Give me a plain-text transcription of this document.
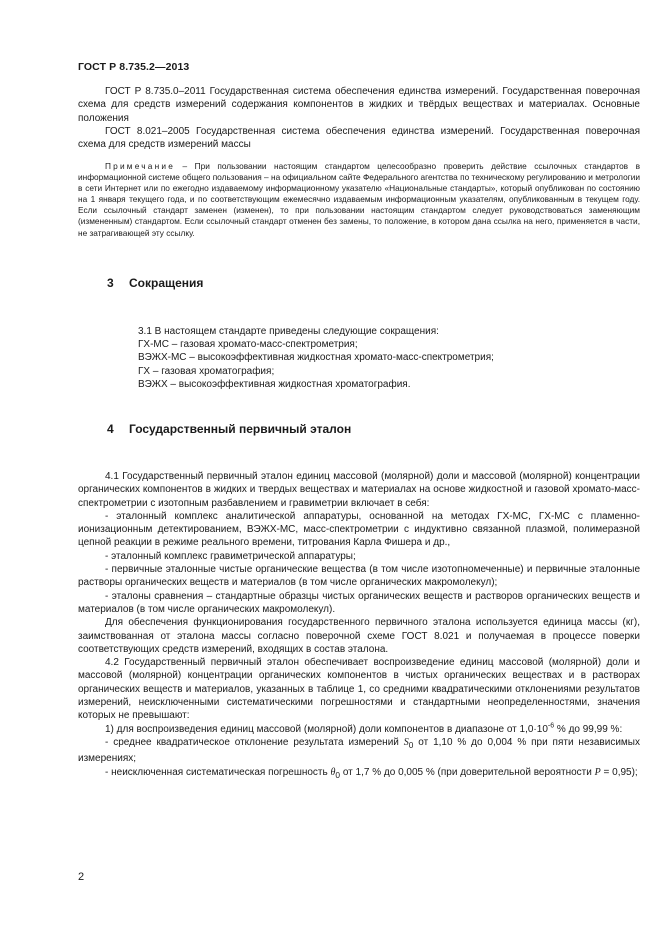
ГОСТ Р 8.735.2—2013

ГОСТ Р 8.735.0–2011 Государственная система обеспечения единства измерений. Государственная поверочная схема для средств измерений содержания компонентов в жидких и твёрдых веществах и материалах. Основные положения

ГОСТ 8.021–2005 Государственная система обеспечения единства измерений. Государственная поверочная схема для средств измерений массы

Примечание – При пользовании настоящим стандартом целесообразно проверить действие ссылочных стандартов в информационной системе общего пользования – на официальном сайте Федерального агентства по техническому регулированию и метрологии в сети Интернет или по ежегодно издаваемому информационному указателю «Национальные стандарты», который опубликован по состоянию на 1 января текущего года, и по соответствующим ежемесячно издаваемым информационным указателям, опубликованным в текущем году. Если ссылочный стандарт заменен (изменен), то при пользовании настоящим стандартом следует руководствоваться заменяющим (измененным) стандартом. Если ссылочный стандарт отменен без замены, то положение, в котором дана ссылка на него, применяется в части, не затрагивающей эту ссылку.

3 Сокращения

3.1 В настоящем стандарте приведены следующие сокращения:

ГХ-МС – газовая хромато-масс-спектрометрия;

ВЭЖХ-МС – высокоэффективная жидкостная хромато-масс-спектрометрия;

ГХ – газовая хроматография;

ВЭЖХ – высокоэффективная жидкостная хроматография.

4 Государственный первичный эталон

4.1 Государственный первичный эталон единиц массовой (молярной) доли и массовой (молярной) концентрации органических компонентов в жидких и твердых веществах и материалах на основе жидкостной и газовой хромато-масс-спектрометрии с изотопным разбавлением и гравиметрии включает в себя:

- эталонный комплекс аналитической аппаратуры, основанной на методах ГХ-МС, ГХ-МС с пламенно-ионизационным детектированием, ВЭЖХ-МС, масс-спектрометрии с индуктивно связанной плазмой, полимеразной цепной реакции в режиме реального времени, титрования Карла Фишера и др.,

- эталонный комплекс гравиметрической аппаратуры;

- первичные эталонные чистые органические вещества (в том числе изотопномеченные) и первичные эталонные растворы органических веществ и материалов (в том числе органических макромолекул);

- эталоны сравнения – стандартные образцы чистых органических веществ и растворов органических веществ и материалов (в том числе органических макромолекул).

Для обеспечения функционирования государственного первичного эталона используется единица массы (кг), заимствованная от эталона массы согласно поверочной схеме ГОСТ 8.021 и получаемая в процессе поверки соответствующих средств измерений, входящих в состав эталона.

4.2 Государственный первичный эталон обеспечивает воспроизведение единиц массовой (молярной) доли и массовой (молярной) концентрации органических компонентов в чистых органических веществах и в растворах органических веществ и материалов, указанных в таблице 1, со средними квадратическими отклонениями результатов измерений, неисключенными систематическими погрешностями и стандартными неопределенностями, значения которых не превышают:

1) для воспроизведения единиц массовой (молярной) доли компонентов в диапазоне от $1,0\cdot 10^{-6}$ % до 99,99 %:

- среднее квадратическое отклонение результата измерений $S_0$ от 1,10 % до 0,004 % при пяти независимых измерениях;

- неисключенная систематическая погрешность $\theta_0$ от 1,7 % до 0,005 % (при доверительной вероятности P = 0,95);

2
